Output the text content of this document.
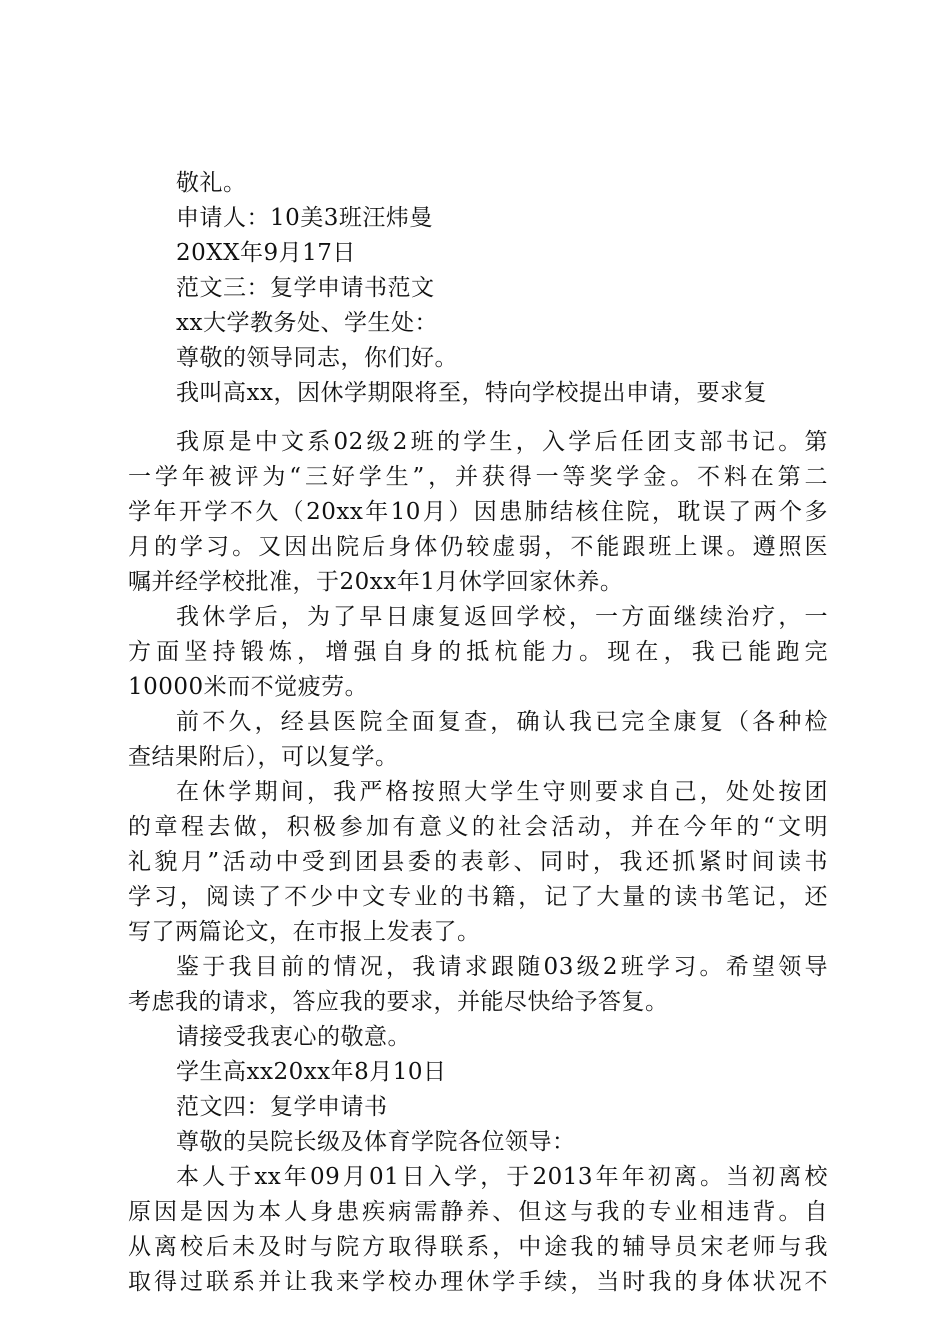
敬礼。
申请人：10美3班汪炜曼
20XX年9月17日
范文三：复学申请书范文
xx大学教务处、学生处：
尊敬的领导同志，你们好。
我叫高xx，因休学期限将至，特向学校提出申请，要求复
我原是中文系02级2班的学生，入学后任团支部书记。第
一学年被评为“三好学生”，并获得一等奖学金。不料在第二
学年开学不久（20xx年10月）因患肺结核住院，耽误了两个多
月的学习。又因出院后身体仍较虚弱，不能跟班上课。遵照医
嘱并经学校批准，于20xx年1月休学回家休养。
我休学后，为了早日康复返回学校，一方面继续治疗，一
方面坚持锻炼，增强自身的抵杭能力。现在，我已能跑完
10000米而不觉疲劳。
前不久，经县医院全面复查，确认我已完全康复（各种检
查结果附后），可以复学。
在休学期间，我严格按照大学生守则要求自己，处处按团
的章程去做，积极参加有意义的社会活动，并在今年的“文明
礼貌月”活动中受到团县委的表彰、同时，我还抓紧时间读书
学习，阅读了不少中文专业的书籍，记了大量的读书笔记，还
写了两篇论文，在市报上发表了。
鉴于我目前的情况，我请求跟随03级2班学习。希望领导
考虑我的请求，答应我的要求，并能尽快给予答复。
请接受我衷心的敬意。
学生高xx20xx年8月10日
范文四：复学申请书
尊敬的吴院长级及体育学院各位领导：
本人于xx年09月01日入学，于2013年年初离。当初离校
原因是因为本人身患疾病需静养、但这与我的专业相违背。自
从离校后未及时与院方取得联系，中途我的辅导员宋老师与我
取得过联系并让我来学校办理休学手续，当时我的身体状况不
